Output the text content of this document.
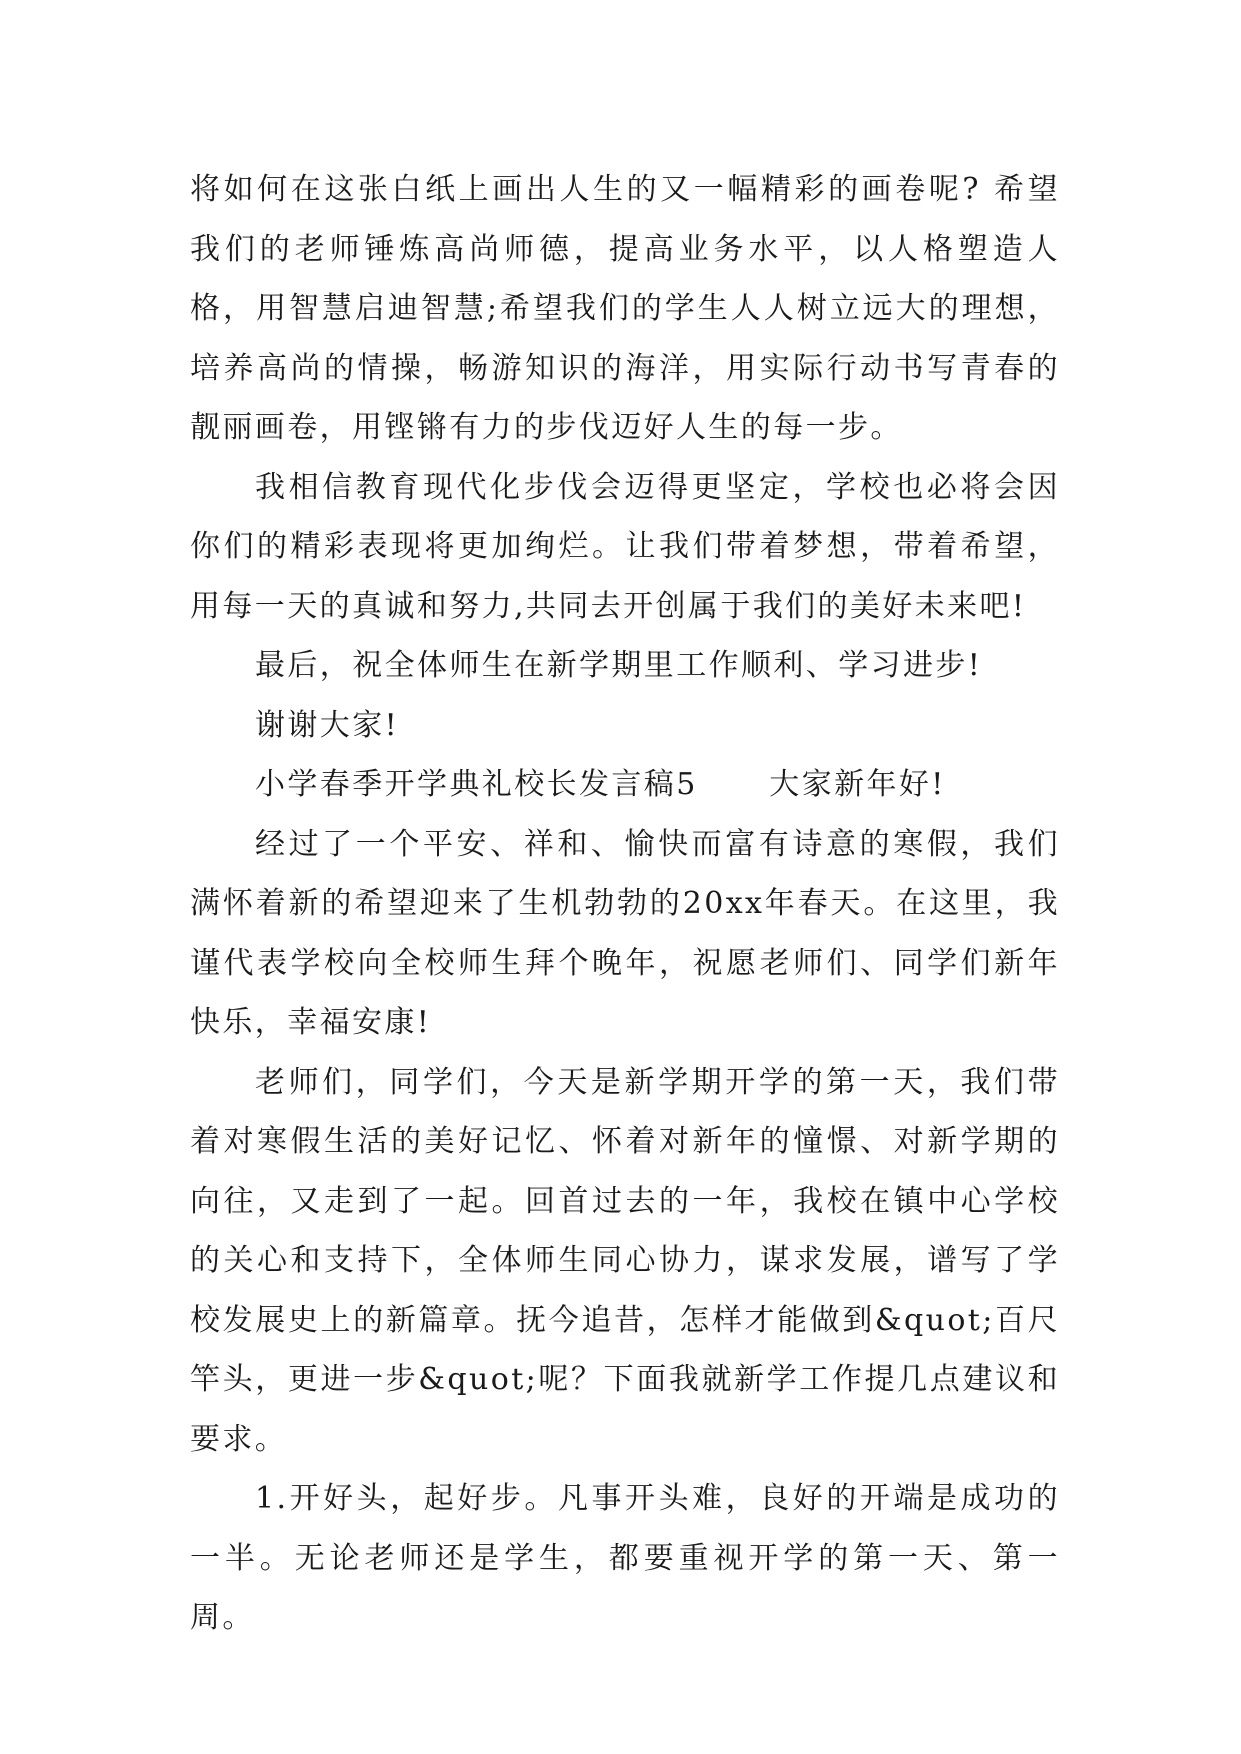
将如何在这张白纸上画出人生的又一幅精彩的画卷呢? 希望我们的老师锤炼高尚师德，提高业务水平，以人格塑造人格，用智慧启迪智慧;希望我们的学生人人树立远大的理想，培养高尚的情操，畅游知识的海洋，用实际行动书写青春的靓丽画卷，用铿锵有力的步伐迈好人生的每一步。

我相信教育现代化步伐会迈得更坚定，学校也必将会因你们的精彩表现将更加绚烂。让我们带着梦想，带着希望，用每一天的真诚和努力,共同去开创属于我们的美好未来吧!

最后，祝全体师生在新学期里工作顺利、学习进步!

谢谢大家!

小学春季开学典礼校长发言稿5      大家新年好!

经过了一个平安、祥和、愉快而富有诗意的寒假，我们满怀着新的希望迎来了生机勃勃的20xx年春天。在这里，我谨代表学校向全校师生拜个晚年，祝愿老师们、同学们新年快乐，幸福安康!

老师们，同学们，今天是新学期开学的第一天，我们带着对寒假生活的美好记忆、怀着对新年的憧憬、对新学期的向往，又走到了一起。回首过去的一年，我校在镇中心学校的关心和支持下，全体师生同心协力，谋求发展，谱写了学校发展史上的新篇章。抚今追昔，怎样才能做到&quot;百尺竿头，更进一步&quot;呢？下面我就新学工作提几点建议和要求。

1.开好头，起好步。凡事开头难，良好的开端是成功的一半。无论老师还是学生，都要重视开学的第一天、第一周。
